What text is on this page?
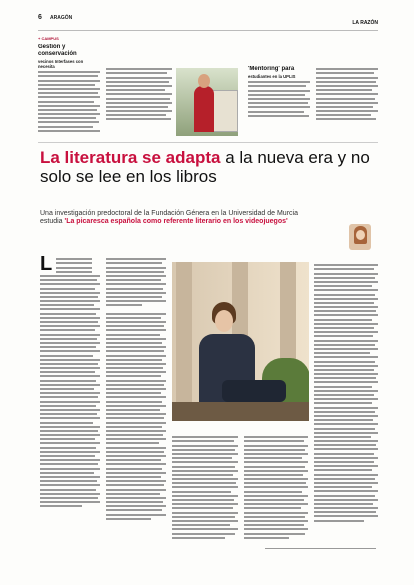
6 ARAGÓN
LA RAZÓN
+ CAMPUS
Gestión y conservación
vecinos Interfases con necesita	'Mentoring' para
estudiantes en la UPLIS
La literatura se adapta a la nueva era y no solo se lee en los libros
Una investigación predoctoral de la Fundación Génera en la Universidad de Murcia estudia 'La picaresca española como referente literario en los videojuegos'
L
